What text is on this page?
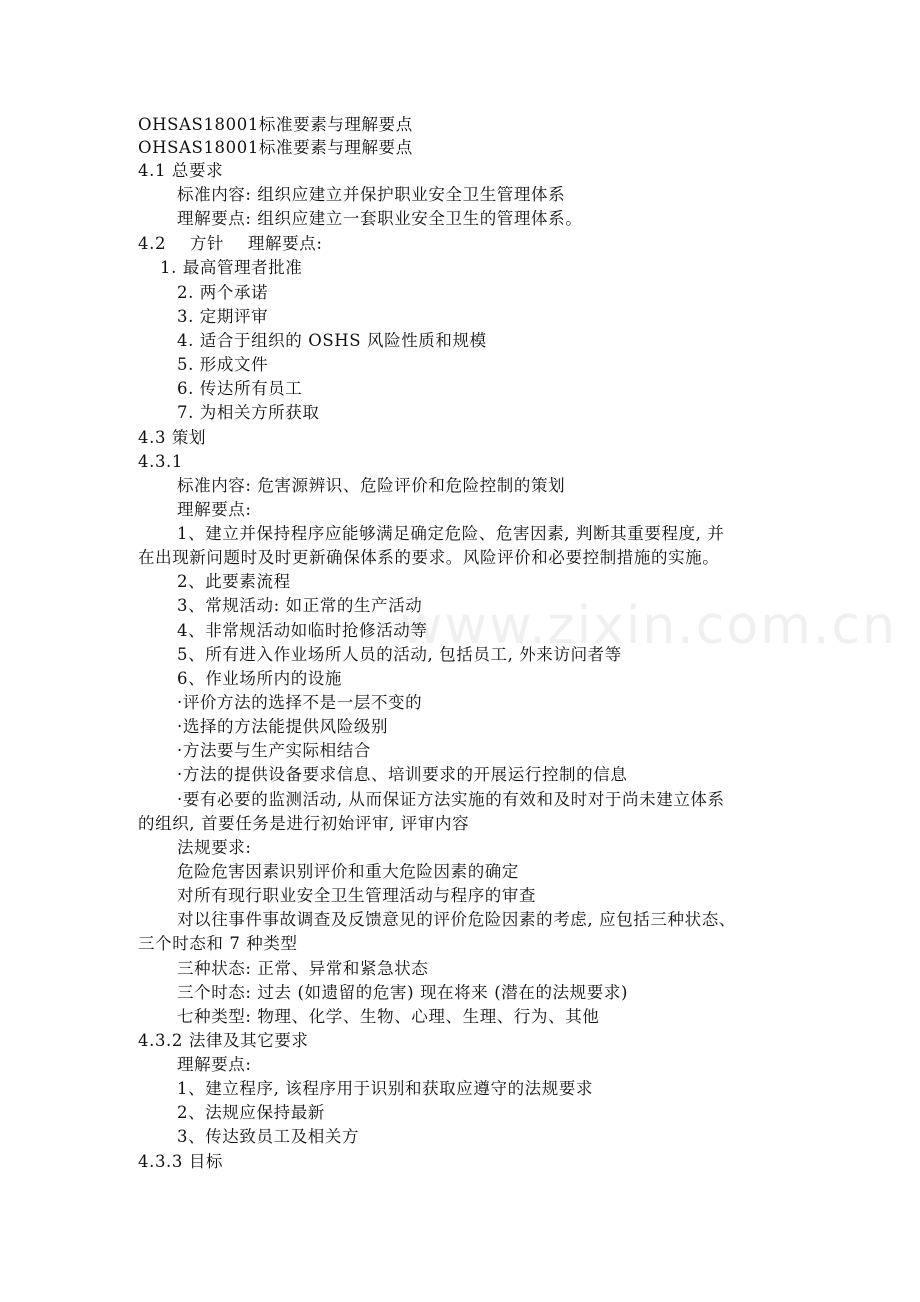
www.zixin.com.cn
OHSAS18001标准要素与理解要点
OHSAS18001标准要素与理解要点
4.1 总要求
标准内容: 组织应建立并保护职业安全卫生管理体系
理解要点: 组织应建立一套职业安全卫生的管理体系。
4.2 方针 理解要点:
1. 最高管理者批准
2. 两个承诺
3. 定期评审
4. 适合于组织的 OSHS 风险性质和规模
5. 形成文件
6. 传达所有员工
7. 为相关方所获取
4.3 策划
4.3.1
标准内容: 危害源辨识、危险评价和危险控制的策划
理解要点:
1、建立并保持程序应能够满足确定危险、危害因素, 判断其重要程度, 并
在出现新问题时及时更新确保体系的要求。风险评价和必要控制措施的实施。
2、此要素流程
3、常规活动: 如正常的生产活动
4、非常规活动如临时抢修活动等
5、所有进入作业场所人员的活动, 包括员工, 外来访问者等
6、作业场所内的设施
·评价方法的选择不是一层不变的
·选择的方法能提供风险级别
·方法要与生产实际相结合
·方法的提供设备要求信息、培训要求的开展运行控制的信息
·要有必要的监测活动, 从而保证方法实施的有效和及时对于尚未建立体系
的组织, 首要任务是进行初始评审, 评审内容
法规要求:
危险危害因素识别评价和重大危险因素的确定
对所有现行职业安全卫生管理活动与程序的审查
对以往事件事故调查及反馈意见的评价危险因素的考虑, 应包括三种状态、
三个时态和 7 种类型
三种状态: 正常、异常和紧急状态
三个时态: 过去 (如遗留的危害) 现在将来 (潜在的法规要求)
七种类型: 物理、化学、生物、心理、生理、行为、其他
4.3.2 法律及其它要求
理解要点:
1、建立程序, 该程序用于识别和获取应遵守的法规要求
2、法规应保持最新
3、传达致员工及相关方
4.3.3 目标
